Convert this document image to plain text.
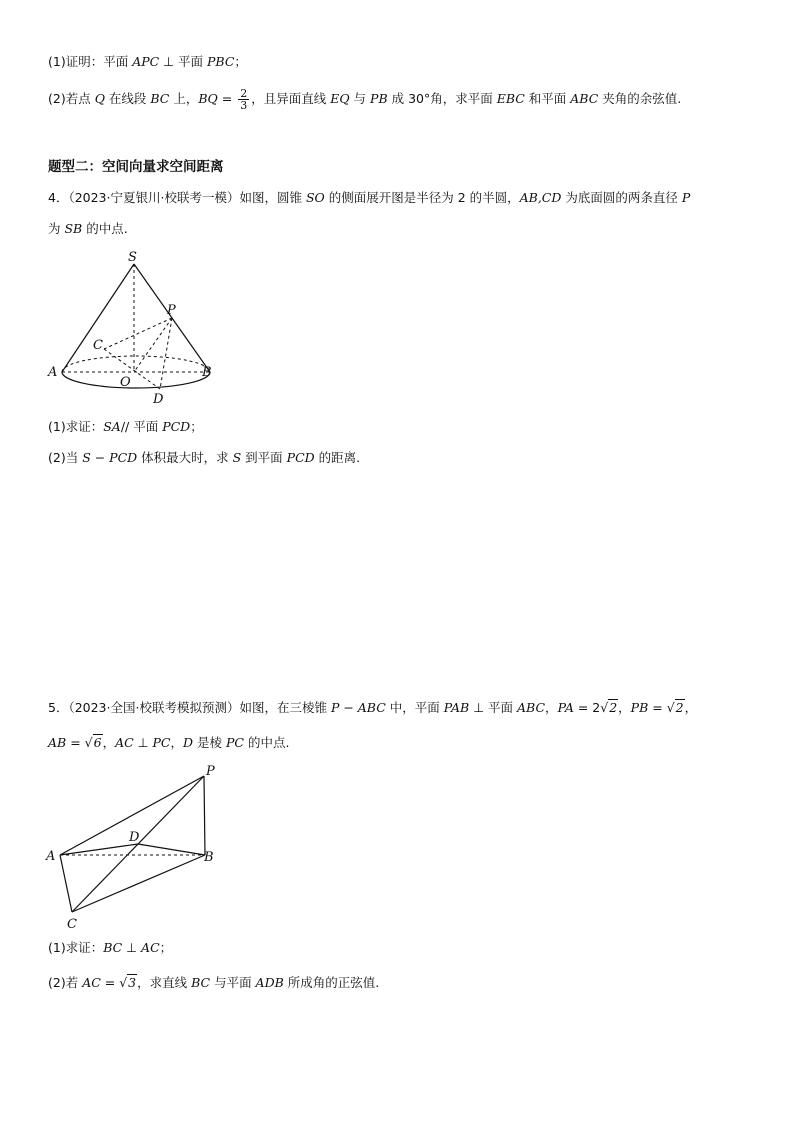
(1)证明：平面 APC ⊥ 平面 PBC；
(2)若点 Q 在线段 BC 上，BQ = $\frac{2}{3}$ ，且异面直线 EQ 与 PB 成 30°角，求平面 EBC 和平面 ABC 夹角的余弦值.
题型二：空间向量求空间距离
4．（2023·宁夏银川·校联考一模）如图，圆锥 SO 的侧面展开图是半径为 2 的半圆，AB,CD 为底面圆的两条直径 P
为 SB 的中点.
S
P
C
A
O
B
D
(1)求证：SA// 平面 PCD；
(2)当 S − PCD 体积最大时，求 S 到平面 PCD 的距离.
5．（2023·全国·校联考模拟预测）如图，在三棱锥 P − ABC 中，平面 PAB ⊥ 平面 ABC，PA = 2√2，PB = √2，
AB = √6，AC ⊥ PC，D 是棱 PC 的中点.
P
D
A	B
C
(1)求证：BC ⊥ AC；
(2)若 AC = √3，求直线 BC 与平面 ADB 所成角的正弦值.
